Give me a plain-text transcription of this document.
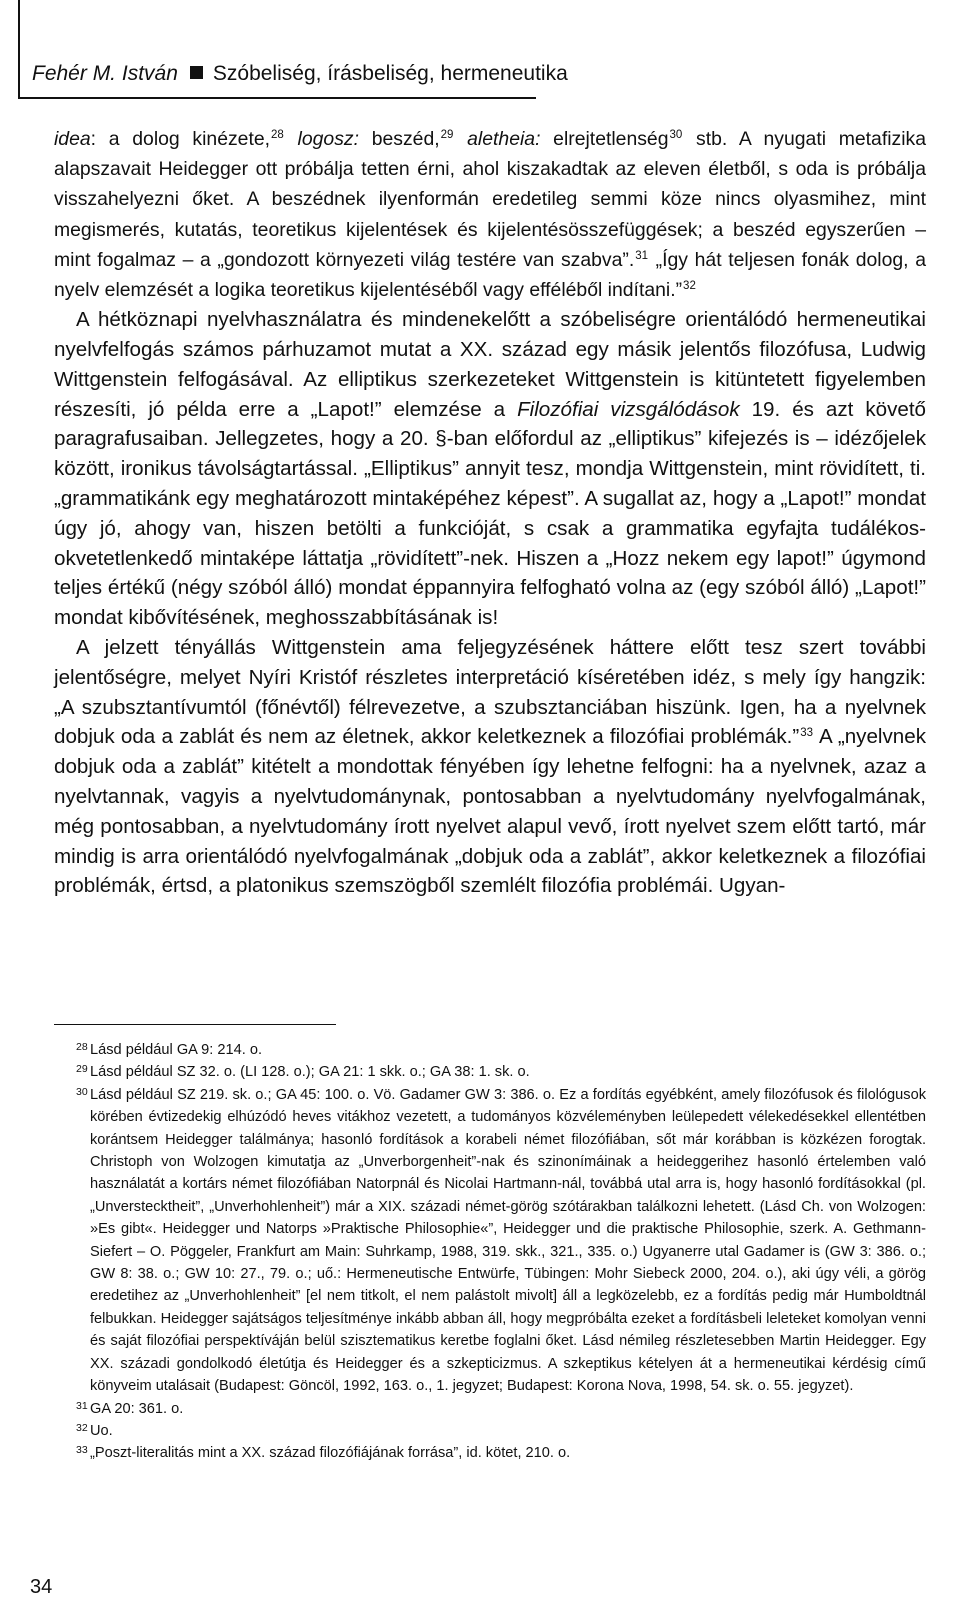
Fehér M. István Szóbeliség, írásbeliség, hermeneutika

idea: a dolog kinézete,$^{28}$ logosz: beszéd,$^{29}$ aletheia: elrejtetlenség$^{30}$ stb. A nyugati metafizika alapszavait Heidegger ott próbálja tetten érni, ahol kiszakadtak az eleven életből, s oda is próbálja visszahelyezni őket. A beszédnek ilyenformán eredetileg semmi köze nincs olyasmihez, mint megismerés, kutatás, teoretikus kijelentések és kijelentésösszefüggések; a beszéd egyszerűen – mint fogalmaz – a „gondozott környezeti világ testére van szabva”.$^{31}$ „Így hát teljesen fonák dolog, a nyelv elemzését a logika teoretikus kijelentéséből vagy efféléből indítani.”$^{32}$

A hétköznapi nyelvhasználatra és mindenekelőtt a szóbeliségre orientálódó hermeneutikai nyelvfelfogás számos párhuzamot mutat a XX. század egy másik jelentős filozófusa, Ludwig Wittgenstein felfogásával. Az elliptikus szerkezeteket Wittgenstein is kitüntetett figyelemben részesíti, jó példa erre a „Lapot!” elemzése a Filozófiai vizsgálódások 19. és azt követő paragrafusaiban. Jellegzetes, hogy a 20. §-ban előfordul az „elliptikus” kifejezés is – idézőjelek között, ironikus távolságtartással. „Elliptikus” annyit tesz, mondja Wittgenstein, mint rövidített, ti. „grammatikánk egy meghatározott mintaképéhez képest”. A sugallat az, hogy a „Lapot!” mondat úgy jó, ahogy van, hiszen betölti a funkcióját, s csak a grammatika egyfajta tudálékos-okvetetlenkedő mintaképe láttatja „rövidített”-nek. Hiszen a „Hozz nekem egy lapot!” úgymond teljes értékű (négy szóból álló) mondat éppannyira felfogható volna az (egy szóból álló) „Lapot!” mondat kibővítésének, meghosszabbításának is!

A jelzett tényállás Wittgenstein ama feljegyzésének háttere előtt tesz szert további jelentőségre, melyet Nyíri Kristóf részletes interpretáció kíséretében idéz, s mely így hangzik: „A szubsztantívumtól (főnévtől) félrevezetve, a szubsztanciában hiszünk. Igen, ha a nyelvnek dobjuk oda a zablát és nem az életnek, akkor keletkeznek a filozófiai problémák.”$^{33}$ A „nyelvnek dobjuk oda a zablát” kitételt a mondottak fényében így lehetne felfogni: ha a nyelvnek, azaz a nyelvtannak, vagyis a nyelvtudománynak, pontosabban a nyelvtudomány nyelvfogalmának, még pontosabban, a nyelvtudomány írott nyelvet alapul vevő, írott nyelvet szem előtt tartó, már mindig is arra orientálódó nyelvfogalmának „dobjuk oda a zablát”, akkor keletkeznek a filozófiai problémák, értsd, a platonikus szemszögből szemlélt filozófia problémái. Ugyan-

28 Lásd például GA 9: 214. o.

29 Lásd például SZ 32. o. (LI 128. o.); GA 21: 1 skk. o.; GA 38: 1. sk. o.

30 Lásd például SZ 219. sk. o.; GA 45: 100. o. Vö. Gadamer GW 3: 386. o. Ez a fordítás egyébként, amely filozófusok és filológusok körében évtizedekig elhúzódó heves vitákhoz vezetett, a tudományos közvéleményben leülepedett vélekedésekkel ellentétben korántsem Heidegger találmánya; hasonló fordítások a korabeli német filozófiában, sőt már korábban is közkézen forogtak. Christoph von Wolzogen kimutatja az „Unverborgenheit”-nak és szinonímáinak a heideggerihez hasonló értelemben való használatát a kortárs német filozófiában Natorpnál és Nicolai Hartmann-nál, továbbá utal arra is, hogy hasonló fordításokkal (pl. „Unverstecktheit”, „Unverhohlenheit”) már a XIX. századi német-görög szótárakban találkozni lehetett. (Lásd Ch. von Wolzogen: »Es gibt«. Heidegger und Natorps »Praktische Philosophie«”, Heidegger und die praktische Philosophie, szerk. A. Gethmann-Siefert – O. Pöggeler, Frankfurt am Main: Suhrkamp, 1988, 319. skk., 321., 335. o.) Ugyanerre utal Gadamer is (GW 3: 386. o.; GW 8: 38. o.; GW 10: 27., 79. o.; uő.: Hermeneutische Entwürfe, Tübingen: Mohr Siebeck 2000, 204. o.), aki úgy véli, a görög eredetihez az „Unverhohlenheit” [el nem titkolt, el nem palástolt mivolt] áll a legközelebb, ez a fordítás pedig már Humboldtnál felbukkan. Heidegger sajátságos teljesítménye inkább abban áll, hogy megpróbálta ezeket a fordításbeli leleteket komolyan venni és saját filozófiai perspektíváján belül szisztematikus keretbe foglalni őket. Lásd némileg részletesebben Martin Heidegger. Egy XX. századi gondolkodó életútja és Heidegger és a szkepticizmus. A szkeptikus kételyen át a hermeneutikai kérdésig című könyveim utalásait (Budapest: Göncöl, 1992, 163. o., 1. jegyzet; Budapest: Korona Nova, 1998, 54. sk. o. 55. jegyzet).

31 GA 20: 361. o.

32 Uo.

33 „Poszt-literalitás mint a XX. század filozófiájának forrása”, id. kötet, 210. o.

34
